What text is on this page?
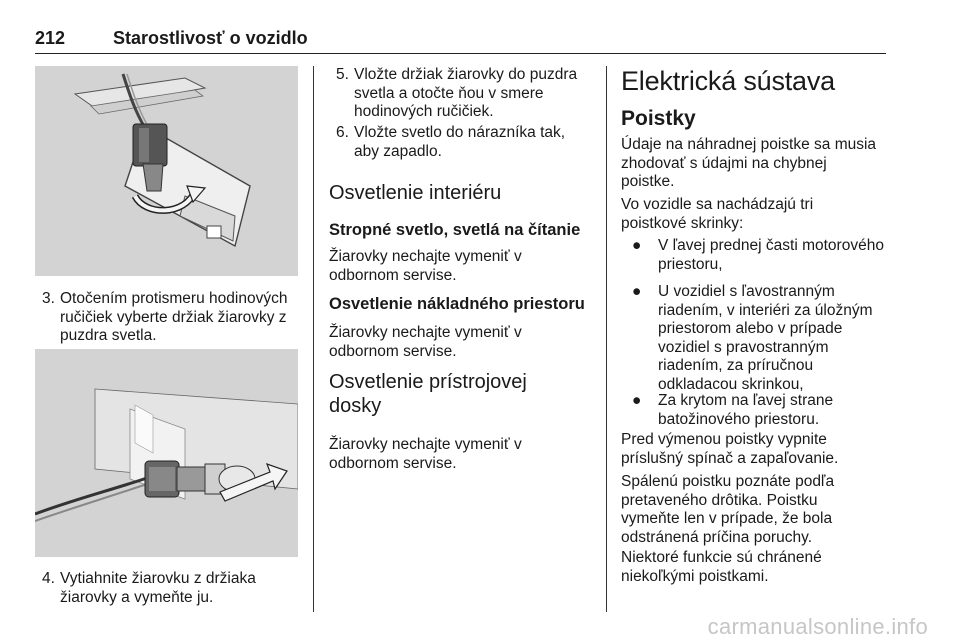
212	Starostlivosť o vozidlo
3. Otočením protismeru hodinových
ručičiek vyberte držiak žiarovky z
puzdra svetla.
4. Vytiahnite žiarovku z držiaka
žiarovky a vymeňte ju.
5. Vložte držiak žiarovky do puzdra
svetla a otočte ňou v smere
hodinových ručičiek.
6. Vložte svetlo do nárazníka tak,
aby zapadlo.
Osvetlenie interiéru
Stropné svetlo, svetlá na čítanie

Žiarovky nechajte vymeniť v

odbornom servise.

Osvetlenie nákladného priestoru

Žiarovky nechajte vymeniť v

odbornom servise.

Osvetlenie prístrojovej
dosky

Žiarovky nechajte vymeniť v

odbornom servise.

Elektrická sústava
Poistky

Údaje na náhradnej poistke sa musia

zhodovať s údajmi na chybnej

poistke.

Vo vozidle sa nachádzajú tri

poistkové skrinky:

● V ľavej prednej časti motorového
priestoru,
● U vozidiel s ľavostranným
riadením, v interiéri za úložným
priestorom alebo v prípade
vozidiel s pravostranným
riadením, za príručnou
odkladacou skrinkou,
● Za krytom na ľavej strane
batožinového priestoru.

Pred výmenou poistky vypnite

príslušný spínač a zapaľovanie.

Spálenú poistku poznáte podľa

pretaveného drôtika. Poistku

vymeňte len v prípade, že bola

odstránená príčina poruchy.

Niektoré funkcie sú chránené

niekoľkými poistkami.

carmanualsonline.info
